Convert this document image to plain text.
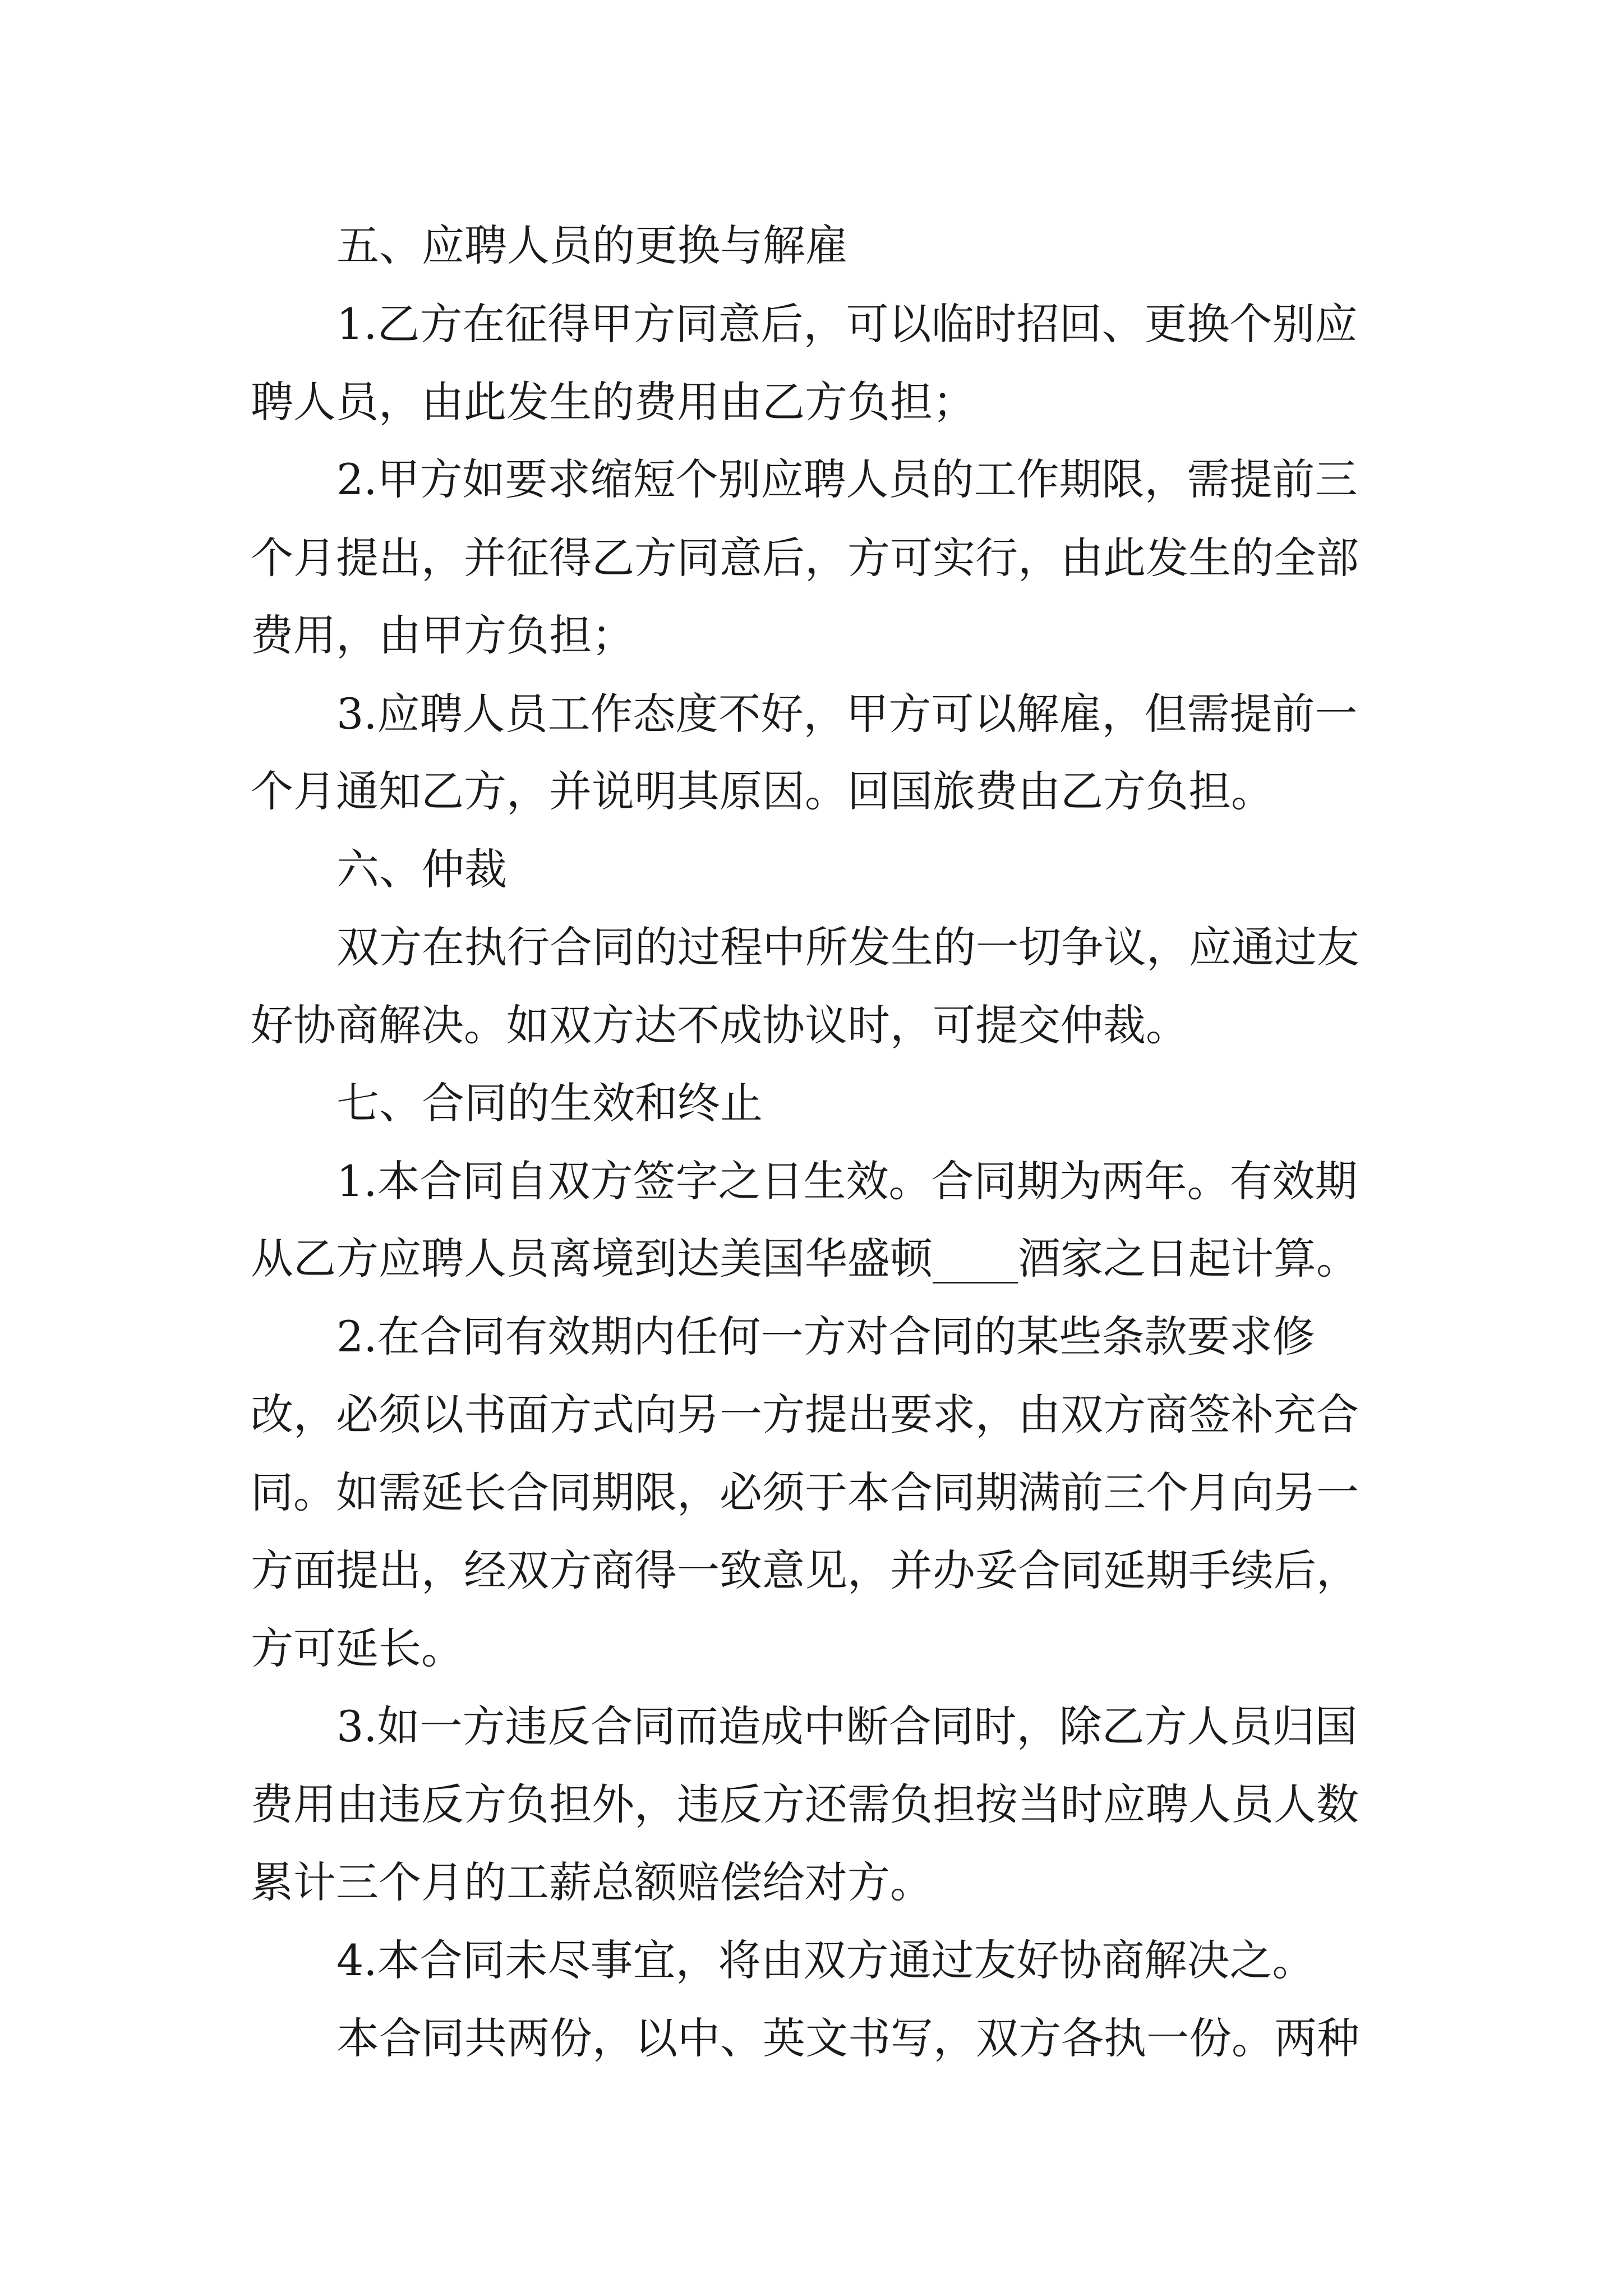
五、应聘人员的更换与解雇

1.乙方在征得甲方同意后，可以临时招回、更换个别应

聘人员，由此发生的费用由乙方负担；

2.甲方如要求缩短个别应聘人员的工作期限，需提前三

个月提出，并征得乙方同意后，方可实行，由此发生的全部

费用，由甲方负担；

3.应聘人员工作态度不好，甲方可以解雇，但需提前一

个月通知乙方，并说明其原因。回国旅费由乙方负担。

六、仲裁

双方在执行合同的过程中所发生的一切争议，应通过友

好协商解决。如双方达不成协议时，可提交仲裁。

七、合同的生效和终止

1.本合同自双方签字之日生效。合同期为两年。有效期

从乙方应聘人员离境到达美国华盛顿____酒家之日起计算。

2.在合同有效期内任何一方对合同的某些条款要求修

改，必须以书面方式向另一方提出要求，由双方商签补充合

同。如需延长合同期限，必须于本合同期满前三个月向另一

方面提出，经双方商得一致意见，并办妥合同延期手续后，

方可延长。

3.如一方违反合同而造成中断合同时，除乙方人员归国

费用由违反方负担外，违反方还需负担按当时应聘人员人数

累计三个月的工薪总额赔偿给对方。

4.本合同未尽事宜，将由双方通过友好协商解决之。

本合同共两份，以中、英文书写，双方各执一份。两种
